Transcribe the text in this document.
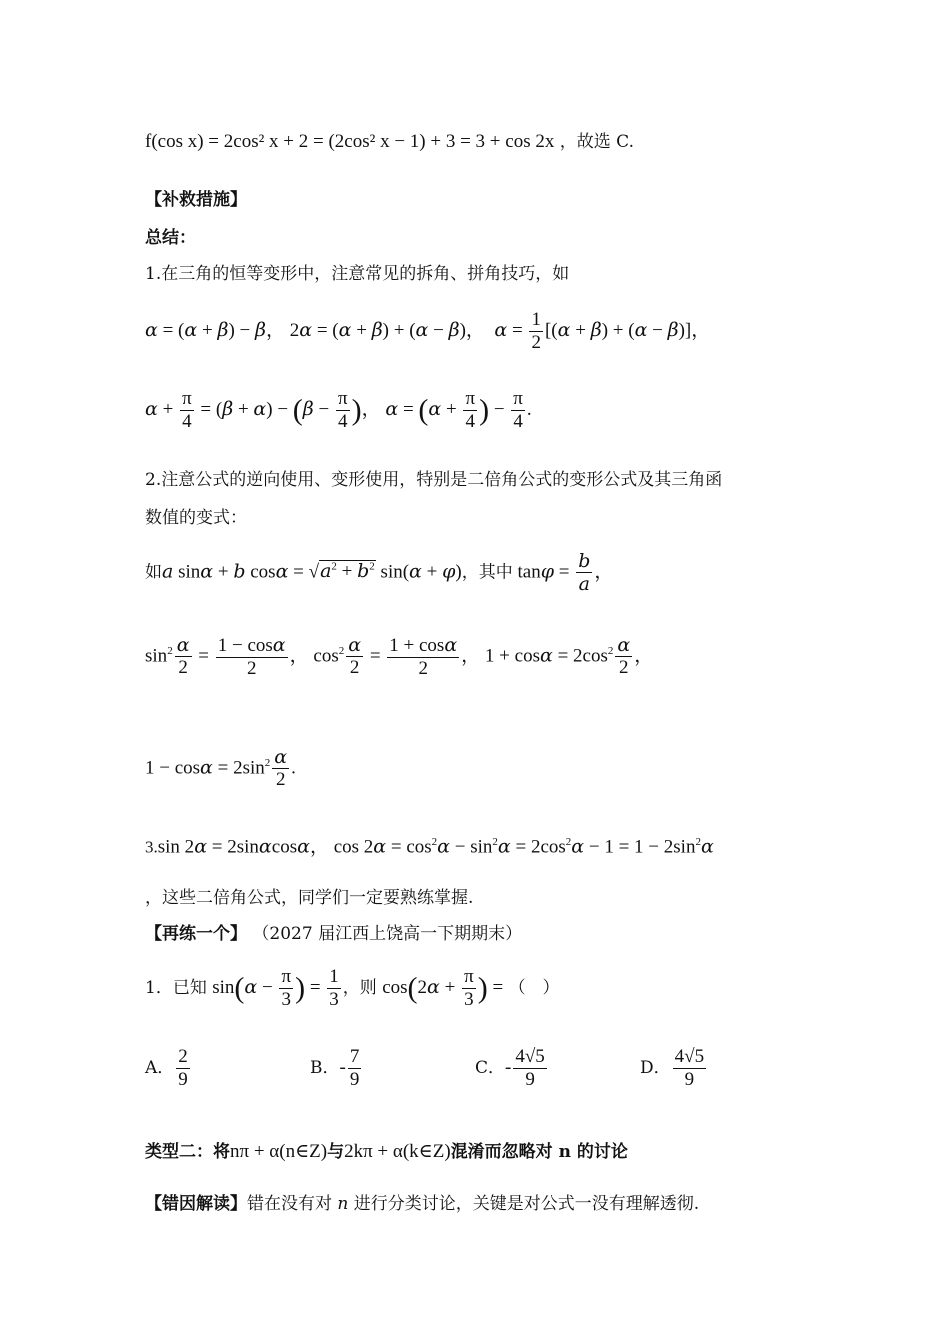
f(cos x) = 2cos² x + 2 = (2cos² x − 1) + 3 = 3 + cos 2x ，故选 C.
【补救措施】
总结：
1.在三角的恒等变形中，注意常见的拆角、拼角技巧，如
α = (α + β) − β， 2α = (α + β) + (α − β)，  $\alpha = \frac{1}{2} [(\alpha + \beta) + (\alpha - \beta)]$，
$\alpha + \frac{\pi}{4} = (\beta + \alpha) - (\beta - \frac{\pi}{4}$ )， $\alpha = (\alpha + \frac{\pi}{4}$ ) − $\frac{\pi}{4}$ .
2.注意公式的逆向使用、变形使用，特别是二倍角公式的变形公式及其三角函
数值的变式：
如a sinα + b $\cos\alpha = √a^2 + b^2$ sin(α + φ)，其中 $\tan\varphi = \frac{b}{a}$ ，
$\sin^2 \frac{\alpha}{2} = \frac{1 - \cos\alpha}{2}$ ， $\cos^2 \frac{\alpha}{2} = \frac{1 + \cos\alpha}{2}$ ， $1 + \cos\alpha = 2\cos^2 \frac{\alpha}{2}$ ，
$1 - \cos\alpha = 2\sin^2 \frac{\alpha}{2}$ .
3.sin 2α = 2sinαcosα， $\cos 2\alpha = \cos^2\alpha - \sin^2\alpha = 2\cos^2\alpha - 1 = 1 - 2\sin^2\alpha$
，这些二倍角公式，同学们一定要熟练掌握.
【再练一个】 （2027 届江西上饶高一下期期末）
1．已知 $\sin(\alpha - \frac{\pi}{3}$ ) = $\frac{1}{3}$ ，则 $\cos(2\alpha + \frac{\pi}{3}$ ) = （　）
A． $\frac{2}{9}$	B．- $\frac{7}{9}$	C．- $\frac{4√5}{9}$	D． $\frac{4√5}{9}$
类型二：将nπ + α(n∈Z)与2kπ + α(k∈Z)混淆而忽略对 n 的讨论
【错因解读】错在没有对 n 进行分类讨论，关键是对公式一没有理解透彻.
